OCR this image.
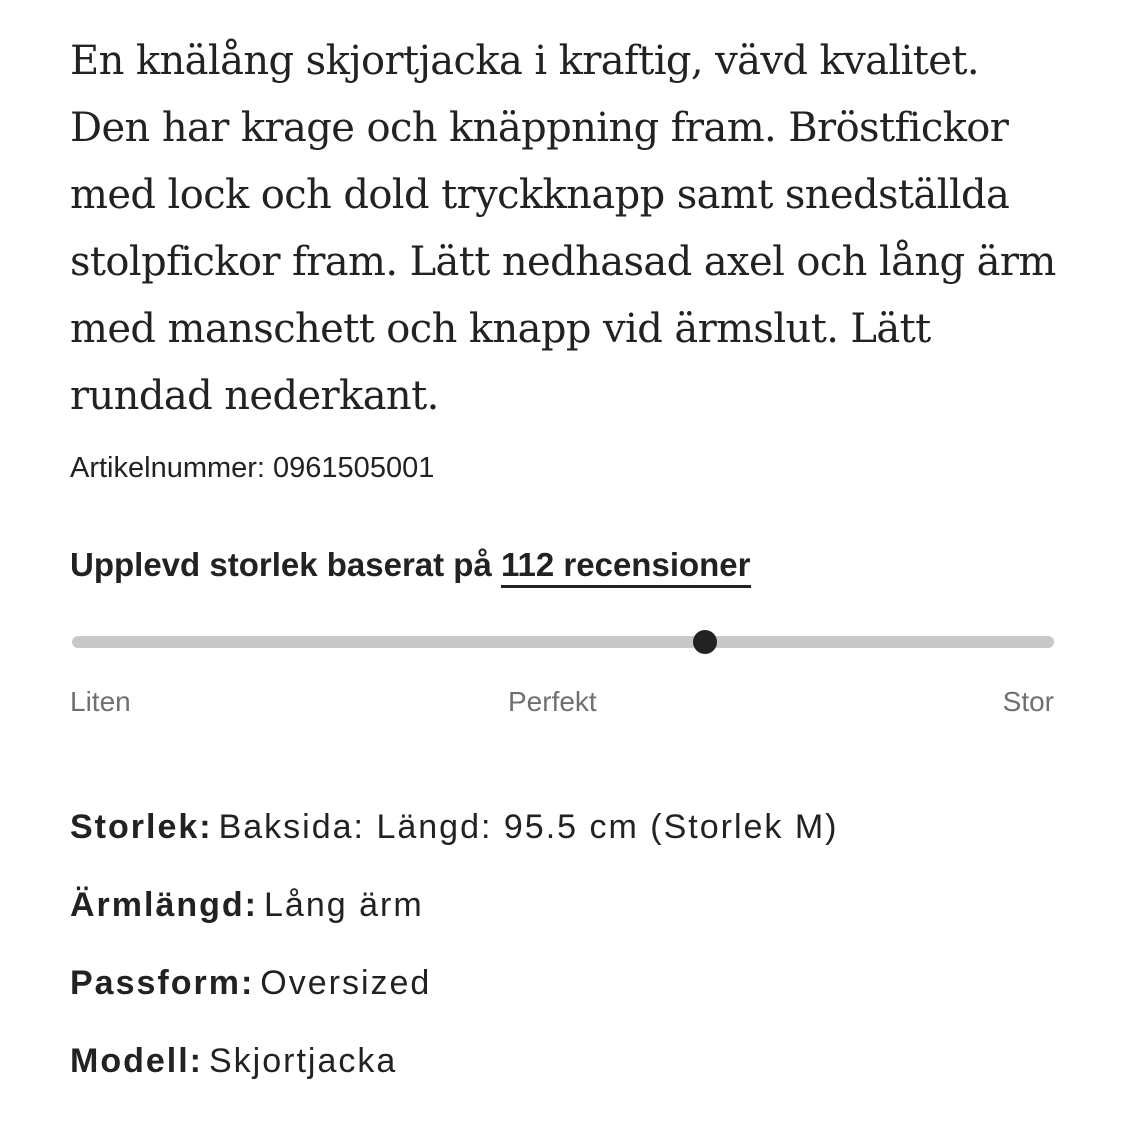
En knälång skjortjacka i kraftig, vävd kvalitet.
Den har krage och knäppning fram. Bröstfickor
med lock och dold tryckknapp samt snedställda
stolpfickor fram. Lätt nedhasad axel och lång ärm
med manschett och knapp vid ärmslut. Lätt
rundad nederkant.

Artikelnummer: 0961505001
Upplevd storlek baserat på 112 recensioner
Liten	Perfekt	Stor
Storlek: Baksida: Längd: 95.5 cm (Storlek M)
Ärmlängd: Lång ärm
Passform: Oversized
Modell: Skjortjacka
